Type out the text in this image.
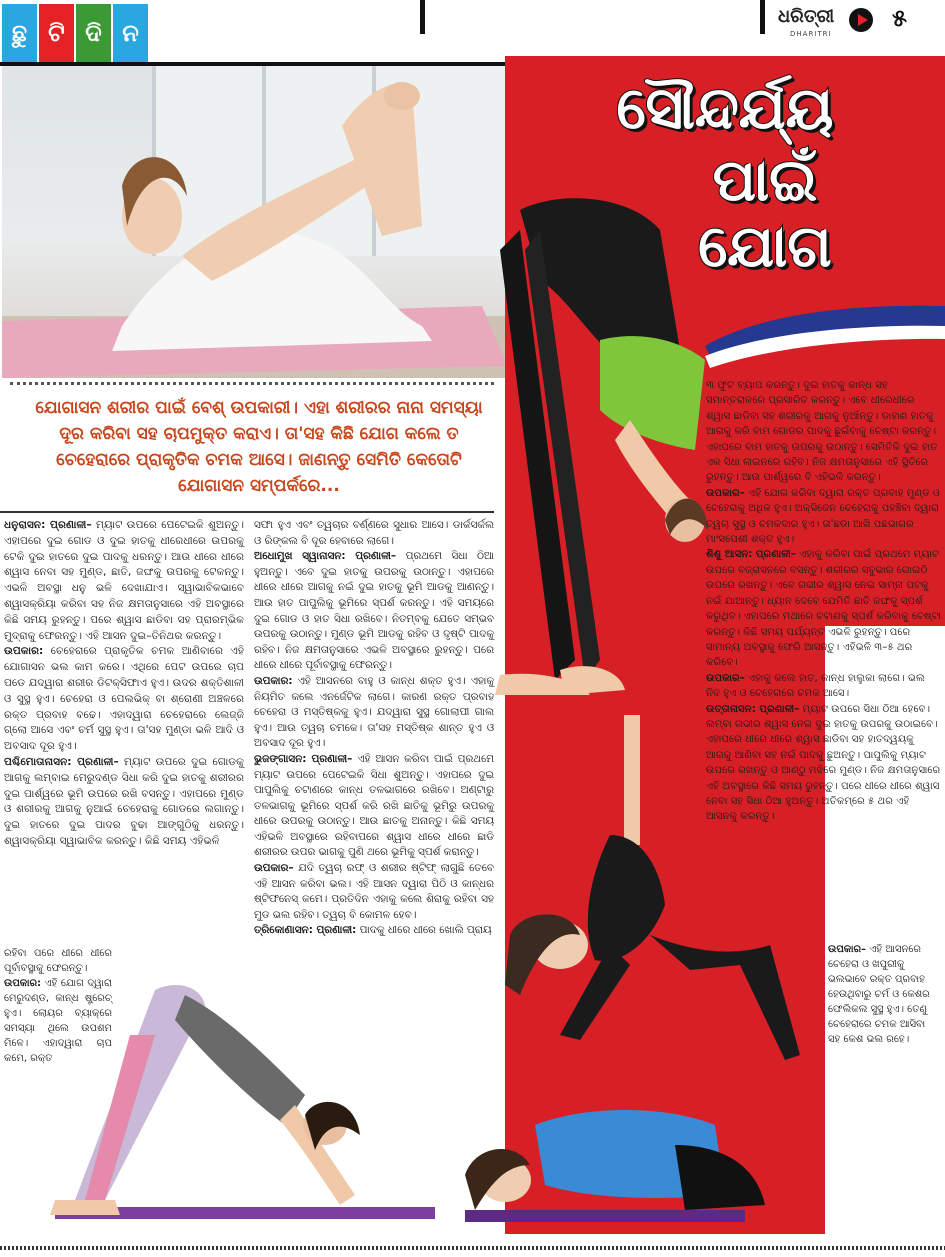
ଛୁ ଟି ଦି ନ
ଧରିତ୍ରୀ
DHARITRI
୫
ସୌନ୍ଦର୍ଯ୍ୟ
ପାଇଁ
ଯୋଗ
ଯୋଗାସନ ଶରୀର ପାଇଁ ବେଶ୍ ଉପକାରୀ। ଏହା ଶରୀରର ନାନା ସମସ୍ୟା ଦୂର କରିବା ସହ ଚାପମୁକ୍ତ କରାଏ। ତା'ସହ କିଛି ଯୋଗ କଲେ ତ ଚେହେରାରେ ପ୍ରାକୃତିକ ଚମକ ଆସେ। ଜାଣନ୍ତୁ ସେମିତି କେତୋଟି ଯୋଗାସନ ସମ୍ପର୍କରେ...

ଧନୁରାସନ: ପ୍ରଣାଳୀ– ମ୍ୟାଟ ଉପରେ ପେଟେଇକି ଶୁଅନ୍ତୁ। ଏହାପରେ ଦୁଇ ଗୋଡ ଓ ଦୁଇ ହାତକୁ ଧୀରେଧୀରେ ଉପରକୁ ଟେକି ଦୁଇ ହାତରେ ଦୁଇ ପାଦକୁ ଧରନ୍ତୁ। ଆଉ ଧୀରେ ଧୀରେ ଶ୍ୱାସ ନେବା ସହ ମୁଣ୍ଡ, ଛାତି, ଜଙ୍ଘକୁ ଉପରକୁ ଟେକନ୍ତୁ। ଏଭଳି ଅବସ୍ଥା ଧନୁ ଭଳି ଦେଖାଯାଏ। ସ୍ୱାଭାବିକଭାବେ ଶ୍ୱାସକ୍ରିୟା କରିବା ସହ ନିଜ କ୍ଷମତାନୁସାରେ ଏହି ଅବସ୍ଥାରେ କିଛି ସମୟ ରୁହନ୍ତୁ। ପରେ ଶ୍ୱାସ ଛାଡିବା ସହ ପ୍ରାରମ୍ଭିକ ମୁଦ୍ରାକୁ ଫେରନ୍ତୁ। ଏହି ଆସନ ଦୁଇ–ତିନିଥର କରନ୍ତୁ।

ଉପକାର: ଚେହେରାରେ ପ୍ରାକୃତିକ ଚମକ ଆଣିବାରେ ଏହି ଯୋଗାସନ ଭଲ କାମ କରେ। ଏଥିରେ ପେଟ ଉପରେ ଚାପ ପଡେ ଯଦ୍ୱାରା ଶରୀର ଡିଟକ୍ସିଫାଏ ହୁଏ। ଉଦର ଶକ୍ତିଶାଳୀ ଓ ସୁସ୍ଥ ହୁଏ। ଚେହେରା ଓ ପେଲଭିକ୍ ବା ଶ୍ରୋଣୀ ଅଞ୍ଚଳରେ ରକ୍ତ ପ୍ରବାହ ବଢେ। ଏହାଦ୍ୱାରା ଚେହେରାରେ ଲେଜ୍ଜି ଗ୍ଲୋ ଆସେ ଏବଂ ଚର୍ମ ସୁସ୍ଥ ହୁଏ। ତା'ସହ ମୁଣ୍ଡା ଭଳି ଆଦି ଓ ଅବସାଦ ଦୂର ହୁଏ।

ପଶ୍ଚିମୋତାନାସନ: ପ୍ରଣାଳୀ– ମ୍ୟାଟ ଉପରେ ଦୁଇ ଗୋଡକୁ ଆଗକୁ ଲମ୍ବାଇ ମେରୁଦଣ୍ଡ ସିଧା କରି ଦୁଇ ହାତକୁ ଶରୀରର ଦୁଇ ପାର୍ଶ୍ୱରେ ଭୂମି ଉପରେ ରଖି ବସନ୍ତୁ। ଏହାପରେ ମୁଣ୍ଡ ଓ ଶରୀରକୁ ଆଗକୁ ନୁଆଇଁ ଚେହେରାକୁ ଗୋଡରେ ଲଗାନ୍ତୁ। ଦୁଇ ହାତରେ ଦୁଇ ପାଦର ବୁଢା ଆଙ୍ଗୁଠିକୁ ଧରନ୍ତୁ। ଶ୍ୱାସକ୍ରିୟା ସ୍ୱାଭାବିକ କରନ୍ତୁ। କିଛି ସମୟ ଏହିଭଳି

ରହିବା ପରେ ଧୀରେ ଧୀରେ ପୂର୍ବାବସ୍ଥାକୁ ଫେରନ୍ତୁ।

ଉପକାର: ଏହି ଯୋଗ ଦ୍ୱାରା ମେରୁଦଣ୍ଡ, କାନ୍ଧ ଷ୍ଟ୍ରେଚ୍ ହୁଏ। ଲୋୟର ବ୍ୟାକ୍‌ରେ ସମସ୍ୟା ଥିଲେ ଉପଶମ ମିଳେ। ଏହାଦ୍ୱାରା ଚାପ କମେ, ରକ୍ତ

ସଫା ହୁଏ ଏବଂ ତ୍ୱଚାର ବର୍ଣ୍ଣରେ ସୁଧାର ଆସେ। ଡାର୍କସର୍କଲ ଓ ରିଙ୍କଲ ବି ଦୂର ହେବାରେ ଲାଗେ।

ଅଧୋମୁଖ ସ୍ୱାନାସନ: ପ୍ରଣାଳୀ– ପ୍ରଥମେ ସିଧା ଠିଆ ହୁଅନ୍ତୁ। ଏବେ ଦୁଇ ହାତକୁ ଉପରକୁ ଉଠାନ୍ତୁ। ଏହାପରେ ଧୀରେ ଧୀରେ ଆଗକୁ ନଇଁ ଦୁଇ ହାତକୁ ଭୂମି ଆଡକୁ ଆଣନ୍ତୁ। ଆଉ ହାତ ପାପୁଲିକୁ ଭୂମିରେ ସ୍ପର୍ଶ କରନ୍ତୁ। ଏହି ସମୟରେ ଦୁଇ ଗୋଡ ଓ ହାତ ସିଧା ରଖିବେ। ନିତମ୍ବକୁ ଯେତେ ସମ୍ଭବ ଉପରକୁ ଉଠାନ୍ତୁ। ମୁଣ୍ଡ ଭୂମି ଆଡକୁ ରହିବ ଓ ଦୃଷ୍ଟି ପାଦକୁ ରହିବ। ନିଜ କ୍ଷମତାନୁସାରେ ଏଭଳି ଅବସ୍ଥାରେ ରୁହନ୍ତୁ। ପରେ ଧୀରେ ଧୀରେ ପୂର୍ବାବସ୍ଥାକୁ ଫେରନ୍ତୁ।

ଉପକାର: ଏହି ଆସନରେ ବାହୁ ଓ କାନ୍ଧ ଶକ୍ତ ହୁଏ। ଏହାକୁ ନିୟମିତ କଲେ ଏନର୍ଜେଟିକ ଲାଗେ। କାରଣ ରକ୍ତ ପ୍ରବାହ ଚେହେରା ଓ ମସ୍ତିଷ୍କକୁ ହୁଏ। ଯଦ୍ୱାରା ସୁସ୍ଥ ଗୋଲାପୀ ଗାଲ ହୁଏ। ଆଉ ତ୍ୱଚା ଚମକେ। ତା'ସହ ମସ୍ତିଷ୍କ ଶାନ୍ତ ହୁଏ ଓ ଅବସାଦ ଦୂର ହୁଏ।

ଭୁଜଙ୍ଗାସନ: ପ୍ରଣାଳୀ– ଏହି ଆସନ କରିବା ପାଇଁ ପ୍ରଥମେ ମ୍ୟାଟ ଉପରେ ପେଟେଇକି ସିଧା ଶୁଅନ୍ତୁ। ଏହାପରେ ଦୁଇ ପାପୁଲିକୁ ଚଟାଣରେ କାନ୍ଧ ତଳଭାଗରେ ରଖିବେ। ଅଣ୍ଟାରୁ ତଳଭାଗକୁ ଭୂମିରେ ସ୍ପର୍ଶ କରି ରଖି ଛାତିକୁ ଭୂମିରୁ ଉପରକୁ ଧୀରେ ଉପରକୁ ଉଠାନ୍ତୁ। ଆଉ ଛାତକୁ ଅନାନ୍ତୁ। କିଛି ସମୟ ଏହିଭଳି ଅବସ୍ଥାରେ ରହିବାପରେ ଶ୍ୱାସ ଧୀରେ ଧୀରେ ଛାଡି ଶରୀରର ଉପର ଭାଗକୁ ପୁଣି ଥରେ ଭୂମିକୁ ସ୍ପର୍ଶ କରାନ୍ତୁ।

ଉପକାର– ଯଦି ତ୍ୱଚା ରଫ୍ ଓ ଶରୀର ଷ୍ଟିଫ୍ ଲାଗୁଛି ତେବେ ଏହି ଆସନ କରିବା ଭଲ। ଏହି ଆସନ ଦ୍ୱାରା ପିଠି ଓ କାନ୍ଧର ଷ୍ଟିଫନେସ୍ କମେ। ପ୍ରତିଦିନ ଏହାକୁ କଲେ ଶିରାକୁ ରହିବା ସହ ମୁଡ ଭଲ ରହିବ। ତ୍ୱଚା ବି କୋମଳ ହେବ।

ତ୍ରିକୋଣାସନ: ପ୍ରଣାଳୀ: ପାଦକୁ ଧୀରେ ଧୀରେ ଖୋଲି ପ୍ରାୟ

୩ ଫୁଟ ବ୍ୟାପ କରନ୍ତୁ। ଦୁଇ ହାତକୁ କାନ୍ଧ ସହ ସମାନ୍ତରାଳରେ ପ୍ରସାରିତ କରନ୍ତୁ। ଏବେ ଧୀରେଧୀରେ ଶ୍ୱାସ ଛାଡିବା ସହ ଶରୀରକୁ ଆଗକୁ ନୁଆଁନ୍ତୁ। ଡାହାଣ ହାତକୁ ଆଗକୁ କରି ବାମ ଗୋଡର ପାଦକୁ ଛୁଇଁବାକୁ ଚେଷ୍ଟା କରନ୍ତୁ। ଏହାପରେ ବାମ ହାତକୁ ଉପରକୁ ଉଠାନ୍ତୁ। ସେମିତିକି ଦୁଇ ହାତ ଏକ ସିଧା ଲାଇନରେ ରହିବ। ନିଜ କ୍ଷମତାନୁସାରେ ଏହି ସ୍ଥିତିରେ ରୁହନ୍ତୁ। ଆଉ ପାର୍ଶ୍ୱରେ ବି ଏହିଭଳି କରନ୍ତୁ।

ଉପକାର– ଏହି ଯୋଗ କରିବା ଦ୍ୱାରା ରକ୍ତ ପ୍ରବାହ ମୁଣ୍ଡ ଓ ଚେହେରାକୁ ଅଧିକ ହୁଏ। ଅକ୍ସିଜେନ ଚେହେରାକୁ ପହଞ୍ଚିବା ଦ୍ୱାରା ତ୍ୱଚା ସୁସ୍ଥ ଓ ଚମକଦାର ହୁଏ। ତା'ଛଡା ଆଖି ପଛଭାଗର ମାଂସପେଶୀ ଶକ୍ତ ହୁଏ।

ଶିଶୁ ଆସନ: ପ୍ରଣାଳୀ– ଏହାକୁ କରିବା ପାଇଁ ପ୍ରଥମେ ମ୍ୟାଟ ଉପରେ ବଜ୍ରାସନରେ ବସନ୍ତୁ। ଶରୀରର ସବୁଭାର ଗୋଇଠି ଉପରେ ରଖନ୍ତୁ। ଏବେ ଗଭୀର ଶ୍ୱାସ ନେଇ ସାମ୍ନା ପଟକୁ ନଇଁ ଯାଆନ୍ତୁ। ଧ୍ୟାନ ଦେବେ ଯେମିତି ଛାତି ଜଙ୍ଘକୁ ସ୍ପର୍ଶ କରୁଥିବ। ଏହାପରେ ମଥାରେ ଚଟାଣକୁ ସ୍ପର୍ଶ କରିବାକୁ ଚେଷ୍ଟା କରନ୍ତୁ। କିଛି ସମୟ ପର୍ଯ୍ୟନ୍ତ ଏଭଳି ରୁହନ୍ତୁ। ପରେ ସାମାନ୍ୟ ଅବସ୍ଥାକୁ ଫେରି ଆସନ୍ତୁ। ଏହିଭଳି ୩–୫ ଥର କରିବେ।

ଉପକାର– ଏହାକୁ କଲେ ହାତ, କାନ୍ଧ ହାଲୁକା ଲାଗେ। ଭଲ ନିଦ ହୁଏ ଓ ଚେହେରାରେ ଚମକ ଆସେ।

ଉତ୍ତାନାସନ: ପ୍ରଣାଳୀ– ମ୍ୟାଟ ଉପରେ ସିଧା ଠିଆ ହେବେ। ଲମ୍ବା ଗଭୀର ଶ୍ୱାସ ନେଇ ଦୁଇ ହାତକୁ ଉପରକୁ ଉଠାଇବେ। ଏହାପରେ ଧୀରେ ଧୀରେ ଶ୍ୱାସ ଛାଡିବା ସହ ହାତଦ୍ୱୟକୁ ଆଗକୁ ଆଣିବା ସହ ନଇଁ ପାଦକୁ ଛୁଅନ୍ତୁ। ପାପୁଲିକୁ ମ୍ୟାଟ ଉପରେ ରଖନ୍ତୁ ଓ ଆଣ୍ଠୁ ମଝିରେ ମୁଣ୍ଡ। ନିଜ କ୍ଷମତାନୁସାରେ ଏହି ଅବସ୍ଥାରେ କିଛି ସମୟ ରୁହନ୍ତୁ। ପରେ ଧୀରେ ଧୀରେ ଶ୍ୱାସ ନେବା ସହ ସିଧା ଠିଆ ହୁଅନ୍ତୁ। ଅତିକମ୍‌ରେ ୫ ଥର ଏହି ଆସନକୁ କରନ୍ତୁ।

ଉପକାର– ଏହି ଆସନରେ ଚେହେରା ଓ ଖପୁରୀକୁ ଭଲଭାବେ ରକ୍ତ ପ୍ରବାହ ହେଉଥିବାରୁ ଚର୍ମ ଓ କେଶର ଫେଲିକଲ ସୁସ୍ଥ ହୁଏ। ତେଣୁ ଚେହେରାରେ ଚମକ ଆସିବା ସହ କେଶ ଭଲ ରହେ।
